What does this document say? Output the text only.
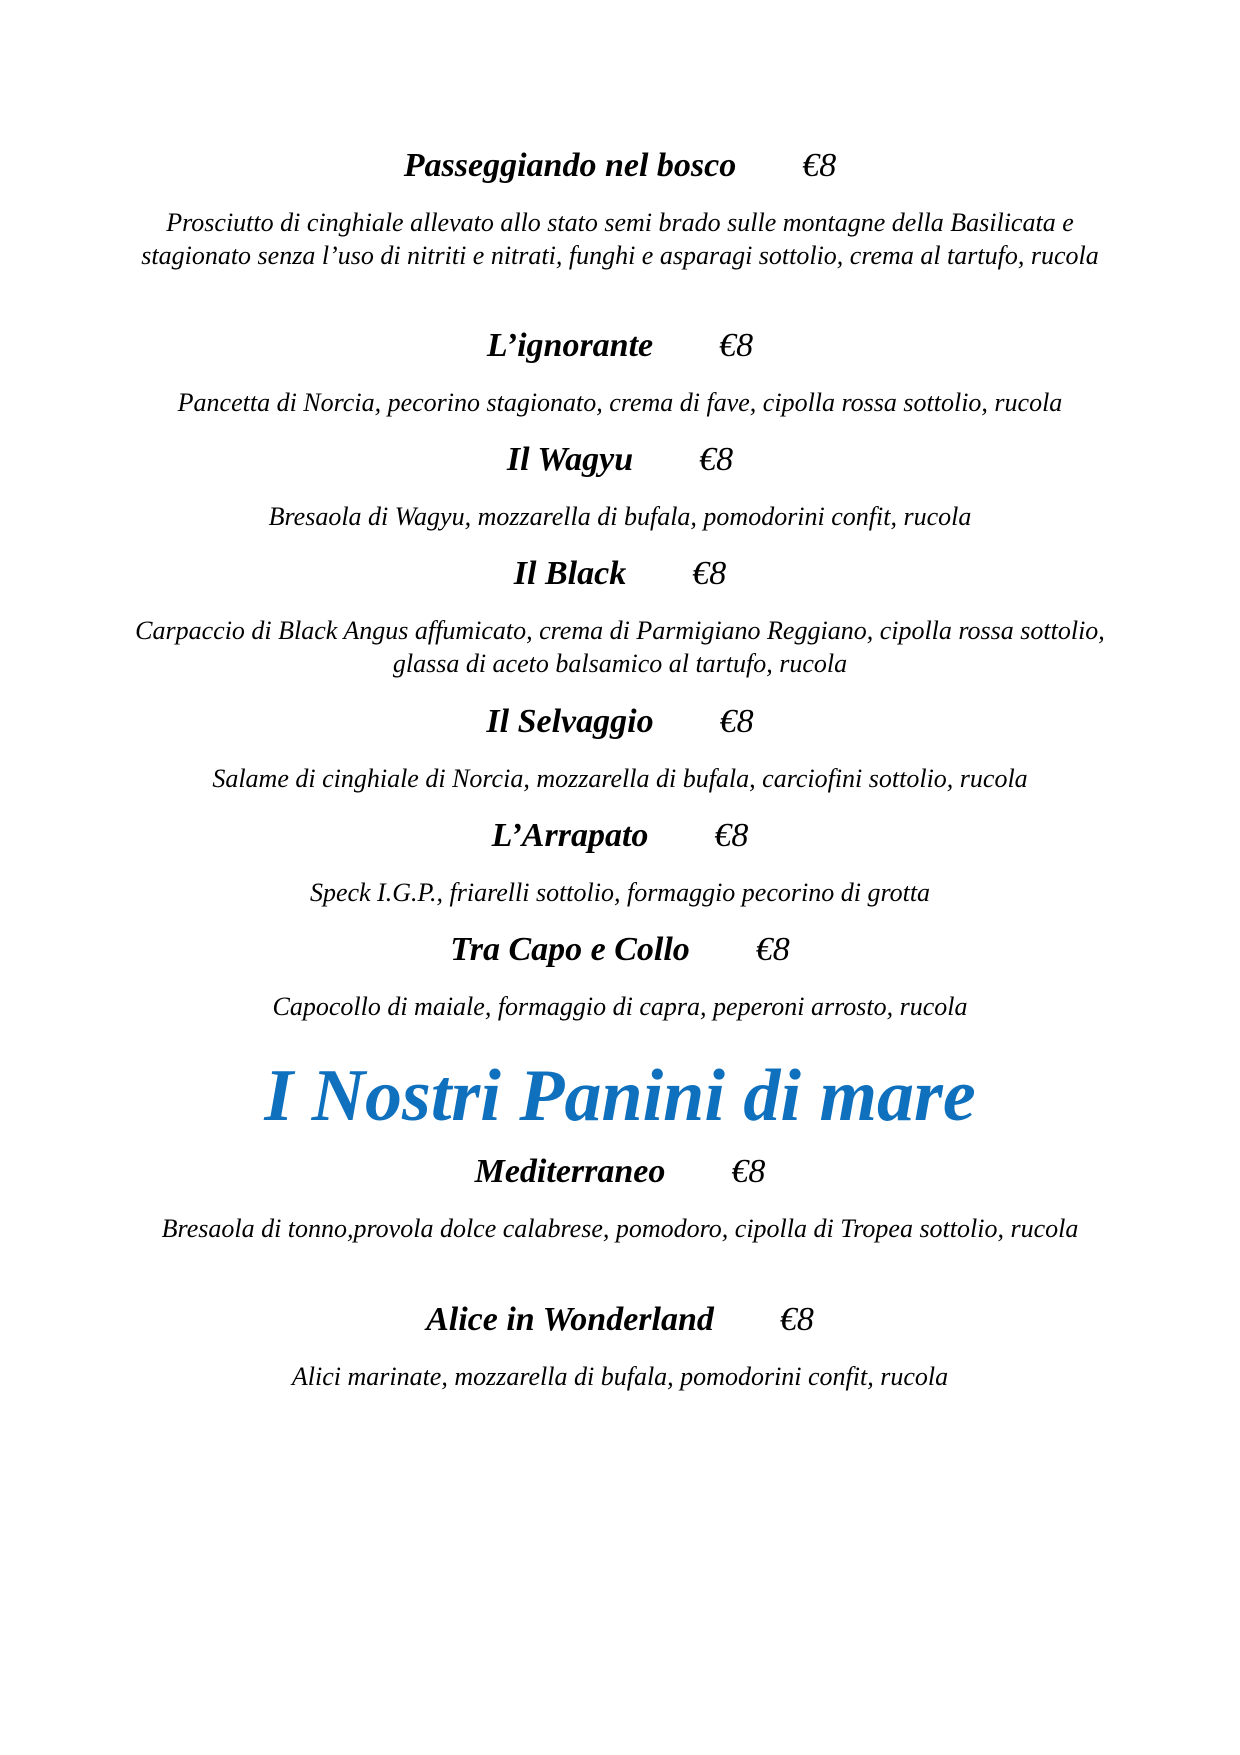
Passeggiando nel bosco €8
Prosciutto di cinghiale allevato allo stato semi brado sulle montagne della Basilicata e stagionato senza l’uso di nitriti e nitrati, funghi e asparagi sottolio, crema al tartufo, rucola
L’ignorante €8
Pancetta di Norcia, pecorino stagionato, crema di fave, cipolla rossa sottolio, rucola
Il Wagyu €8
Bresaola di Wagyu, mozzarella di bufala, pomodorini confit, rucola
Il Black €8
Carpaccio di Black Angus affumicato, crema di Parmigiano Reggiano, cipolla rossa sottolio, glassa di aceto balsamico al tartufo, rucola
Il Selvaggio €8
Salame di cinghiale di Norcia, mozzarella di bufala, carciofini sottolio, rucola
L’Arrapato €8
Speck I.G.P., friarelli sottolio, formaggio pecorino di grotta
Tra Capo e Collo €8
Capocollo di maiale, formaggio di capra, peperoni arrosto, rucola
I Nostri Panini di mare
Mediterraneo €8
Bresaola di tonno,provola dolce calabrese, pomodoro, cipolla di Tropea sottolio, rucola
Alice in Wonderland €8
Alici marinate, mozzarella di bufala, pomodorini confit, rucola
